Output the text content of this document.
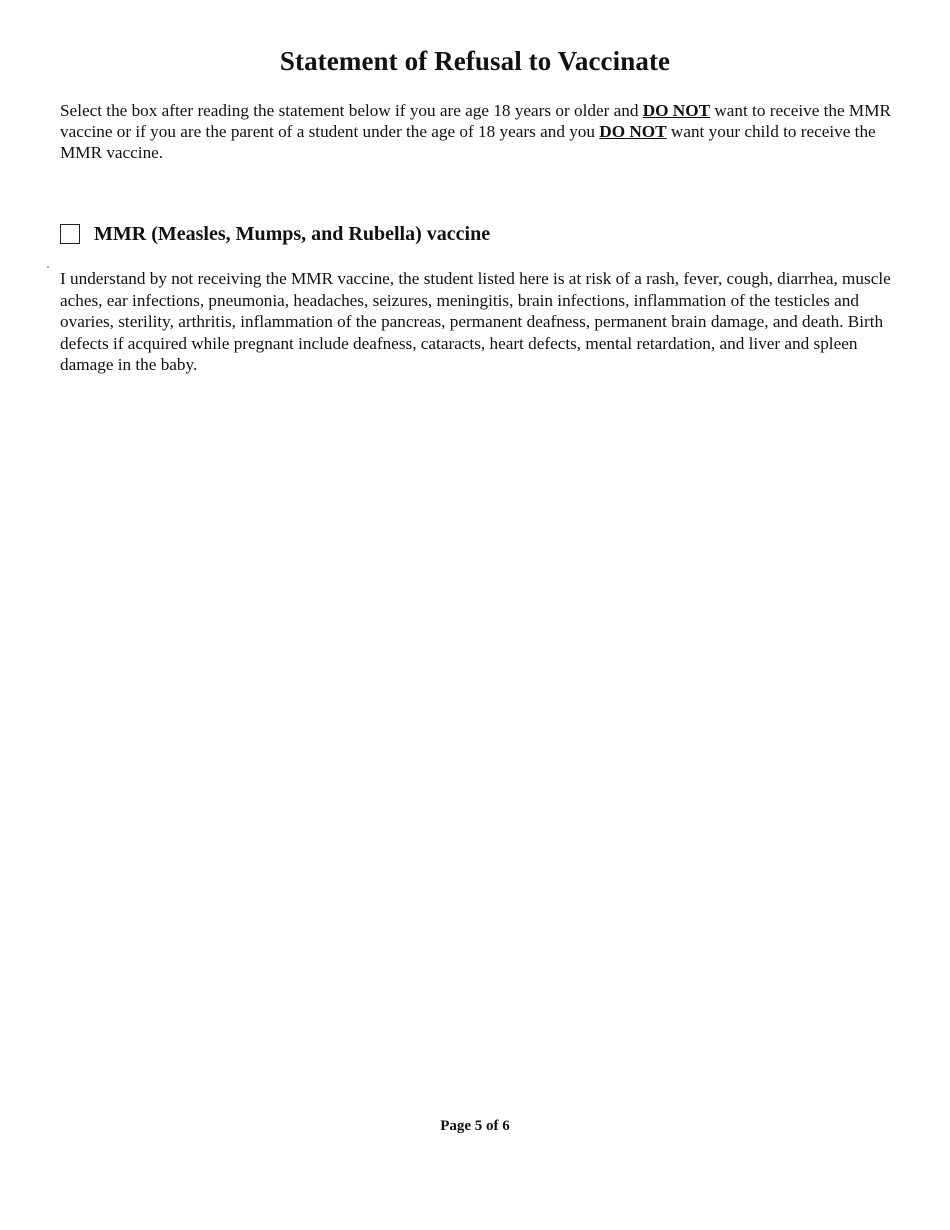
Statement of Refusal to Vaccinate

Select the box after reading the statement below if you are age 18 years or older and DO NOT want to receive the MMR vaccine or if you are the parent of a student under the age of 18 years and you DO NOT want your child to receive the MMR vaccine.

MMR (Measles, Mumps, and Rubella) vaccine

I understand by not receiving the MMR vaccine, the student listed here is at risk of a rash, fever, cough, diarrhea, muscle aches, ear infections, pneumonia, headaches, seizures, meningitis, brain infections, inflammation of the testicles and ovaries, sterility, arthritis, inflammation of the pancreas, permanent deafness, permanent brain damage, and death. Birth defects if acquired while pregnant include deafness, cataracts, heart defects, mental retardation, and liver and spleen damage in the baby.

Page 5 of 6
